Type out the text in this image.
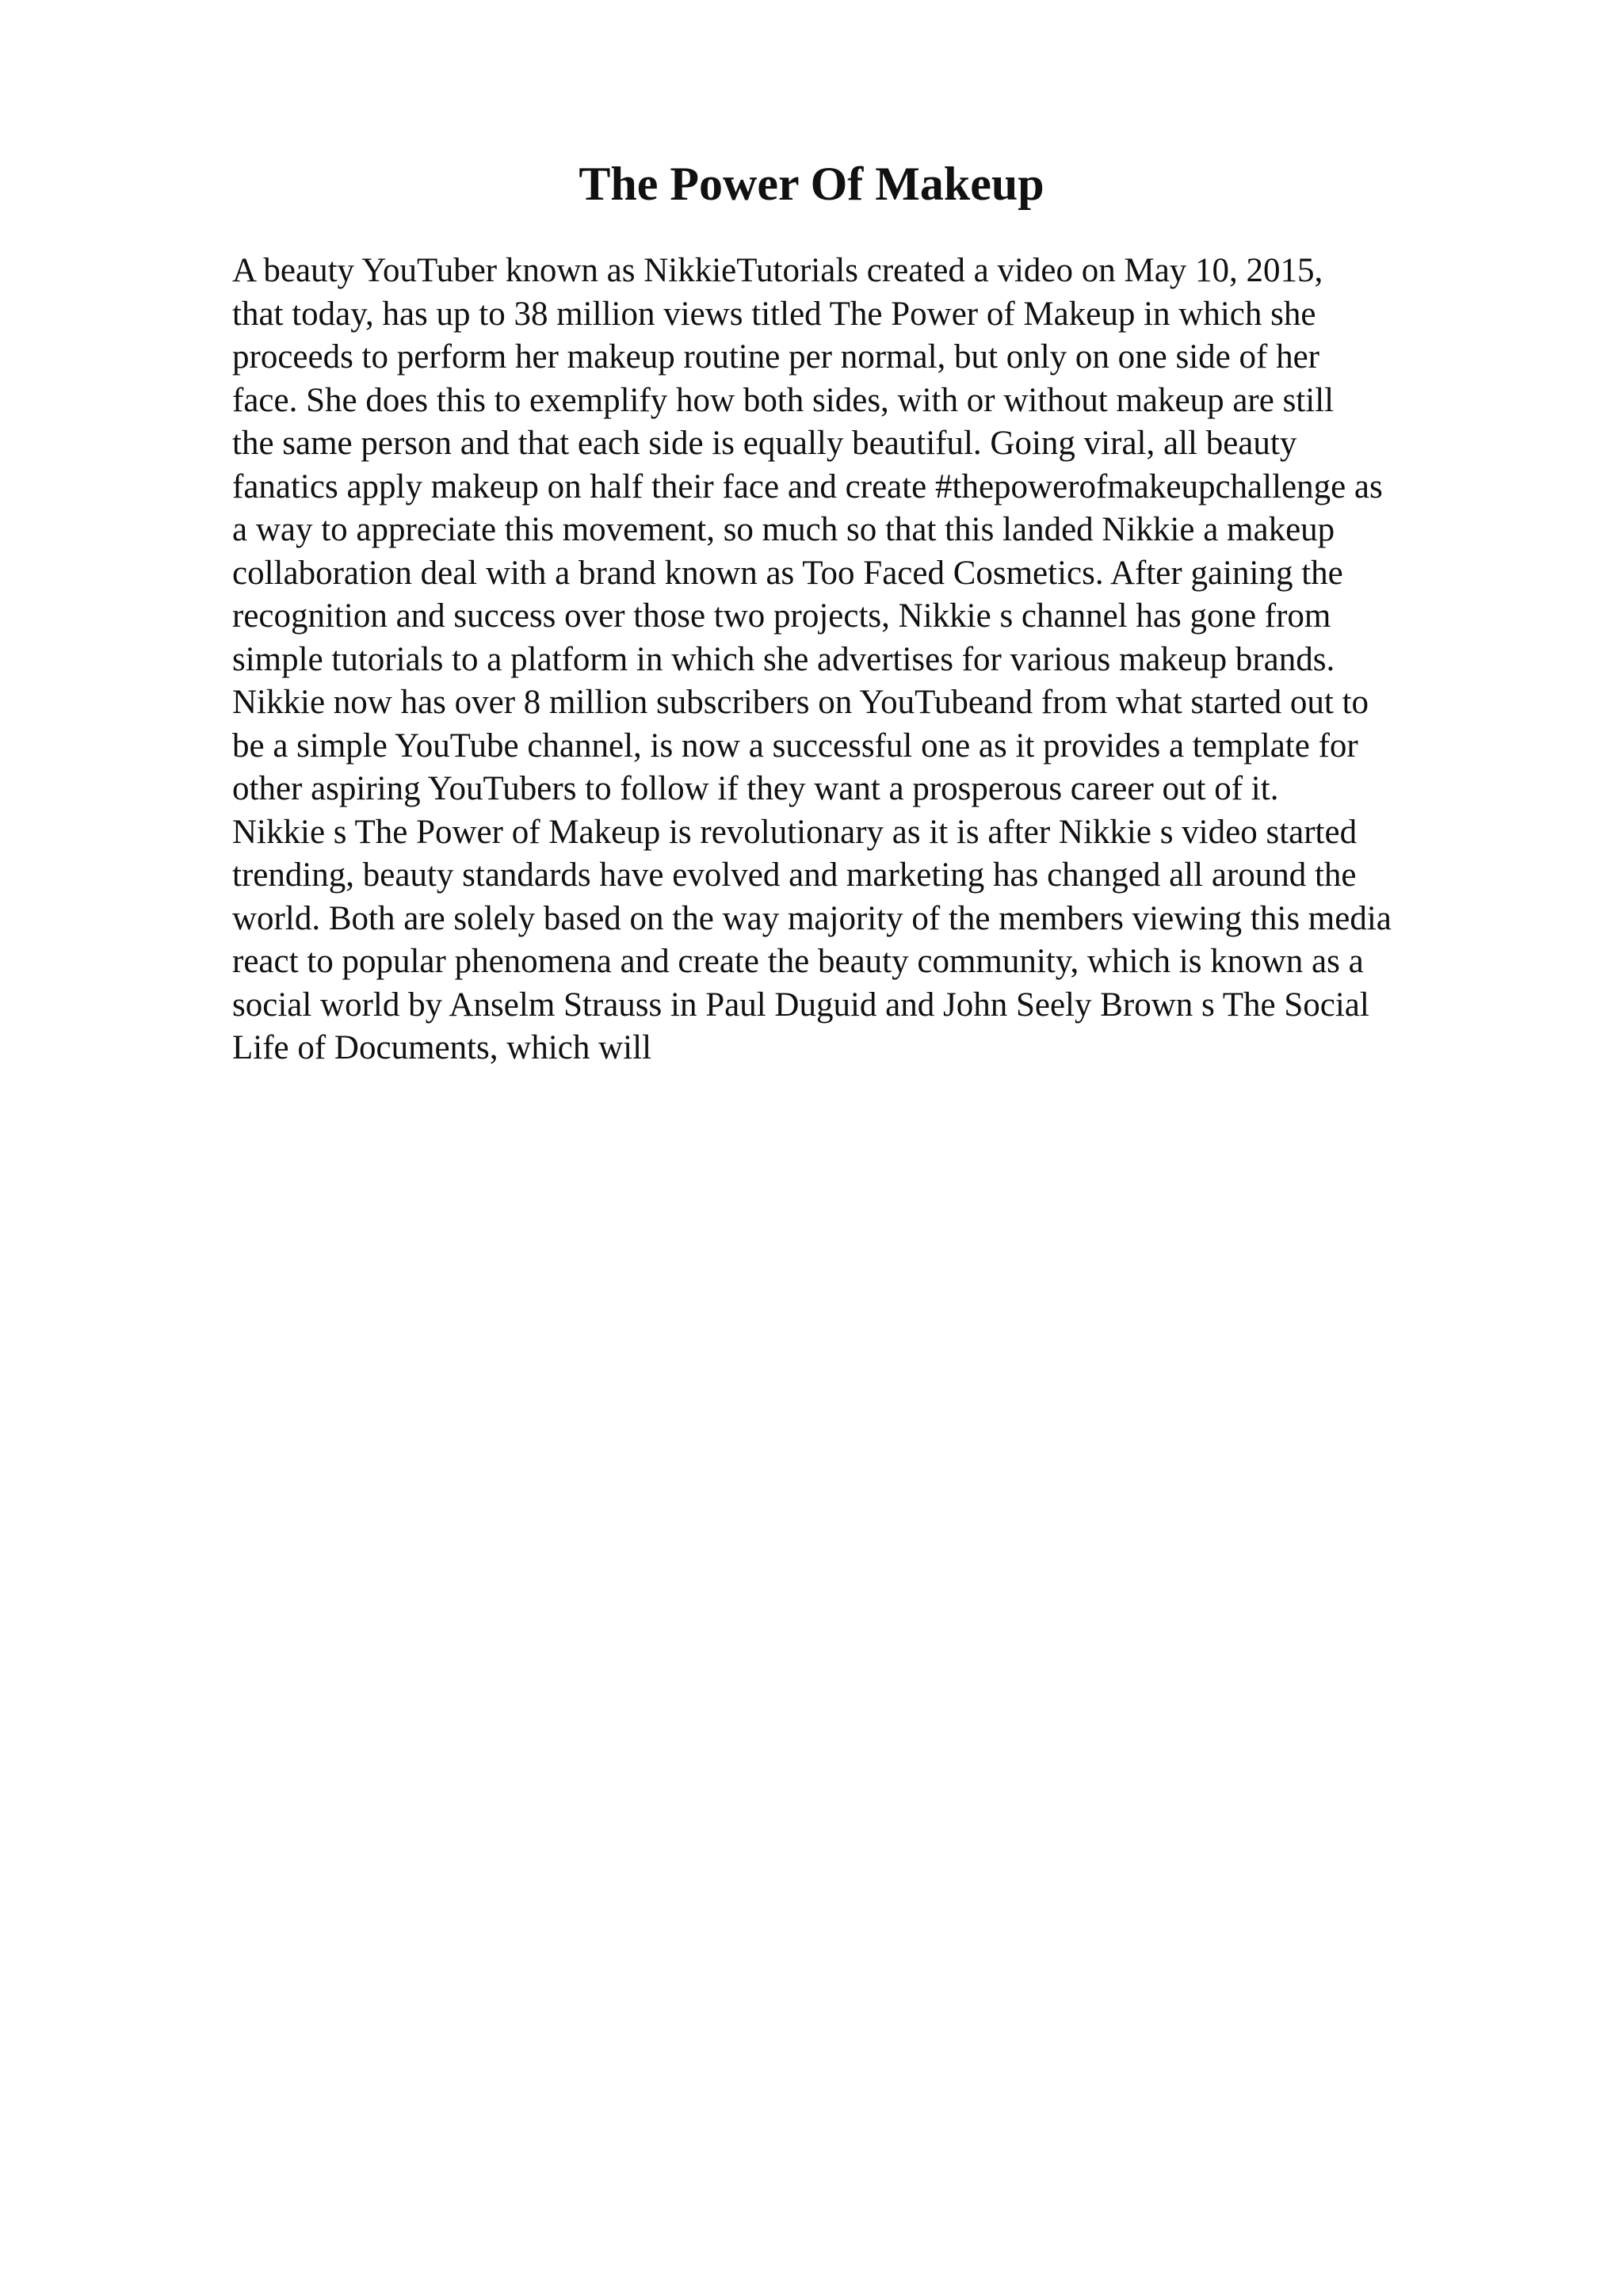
The Power Of Makeup
A beauty YouTuber known as NikkieTutorials created a video on May 10, 2015,
that today, has up to 38 million views titled The Power of Makeup in which she
proceeds to perform her makeup routine per normal, but only on one side of her
face. She does this to exemplify how both sides, with or without makeup are still
the same person and that each side is equally beautiful. Going viral, all beauty
fanatics apply makeup on half their face and create #thepowerofmakeupchallenge as
a way to appreciate this movement, so much so that this landed Nikkie a makeup
collaboration deal with a brand known as Too Faced Cosmetics. After gaining the
recognition and success over those two projects, Nikkie s channel has gone from
simple tutorials to a platform in which she advertises for various makeup brands.
Nikkie now has over 8 million subscribers on YouTubeand from what started out to
be a simple YouTube channel, is now a successful one as it provides a template for
other aspiring YouTubers to follow if they want a prosperous career out of it.
Nikkie s The Power of Makeup is revolutionary as it is after Nikkie s video started
trending, beauty standards have evolved and marketing has changed all around the
world. Both are solely based on the way majority of the members viewing this media
react to popular phenomena and create the beauty community, which is known as a
social world by Anselm Strauss in Paul Duguid and John Seely Brown s The Social
Life of Documents, which will
